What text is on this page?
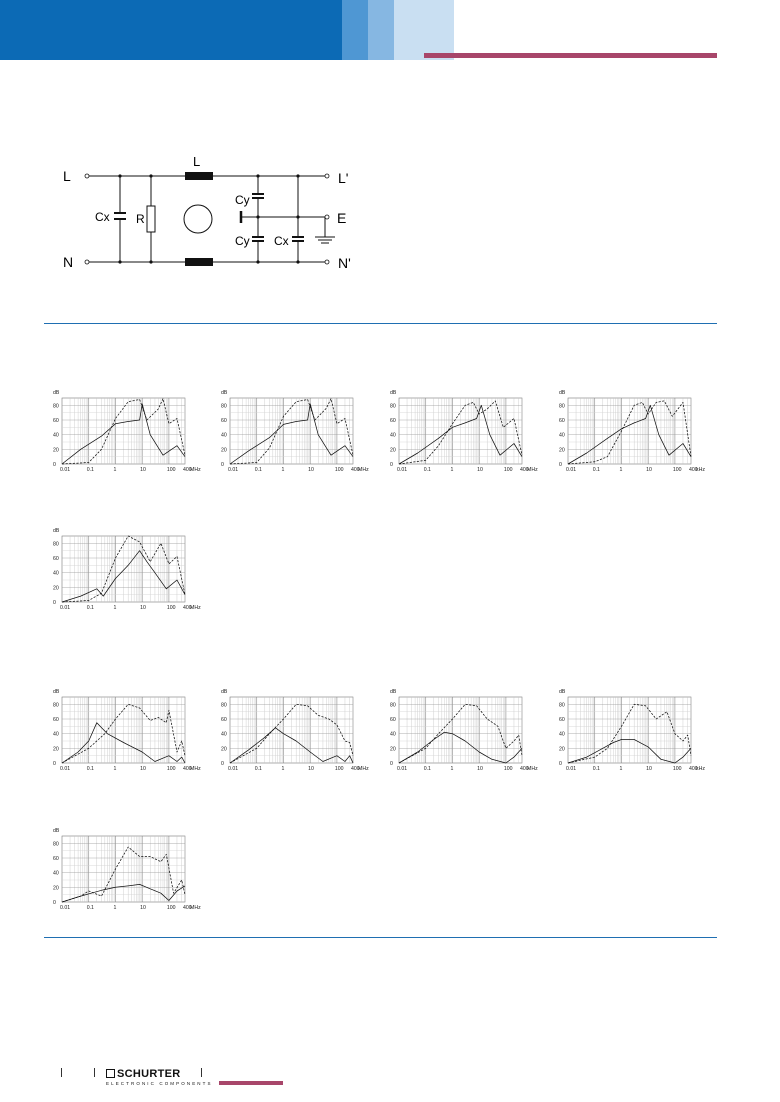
L
N
L'
N'
E
L
Cx R
Cy
Cy Cx
dB
80
60
40
20
0
0.01	0.1	1	10	100 400
MHz
dB
80
60
40
20
0
0.01	0.1	1	10	100 400
MHz
dB
80
60
40
20
0
0.01	0.1	1	10	100 400
MHz
dB
80
60
40
20
0
0.01	0.1	1	10	100 400
kHz
dB
80
60
40
20
0
0.01	0.1	1	10	100 400
MHz
dB
80
60
40
20
0
0.01	0.1	1	10	100 400
MHz
dB
80
60
40
20
0
0.01	0.1	1	10	100 400
MHz
dB
80
60
40
20
0
0.01	0.1	1	10	100 400
MHz
dB
80
60
40
20
0
0.01	0.1	1	10	100 400
kHz
dB
80
60
40
20
0
0.01	0.1	1	10	100 400
MHz
SCHURTER
ELECTRONIC COMPONENTS
